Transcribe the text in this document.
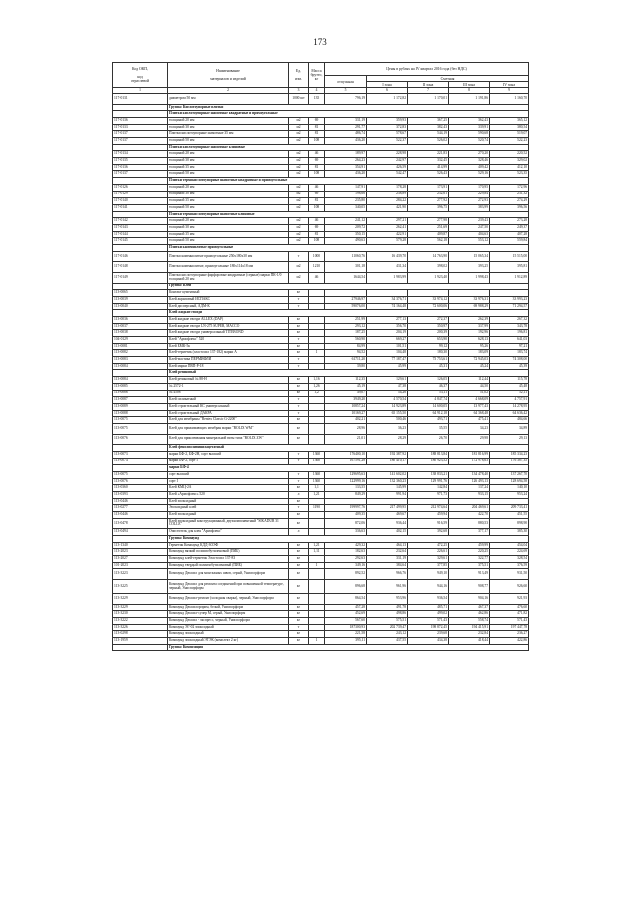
173
Код ОКП,

код
отраслевой	Наименование

материалов и изделий	Ед.

изм.	Масса
брутто,
кг	Цены в рублях на IV квартал 2016 года (без НДС)				
				отпускная	Сметная			
					I зона	II зона	III зона	IV зона
1	2	3	4	5	6	7	8	9
117-0131	диаметром 50 мм	1000 шт	135	796,19	1 172,82	1 170,01	1 191,86	1 160,70
	Группа: Кислотоупорные плитки							
	Плитки кислотоупорные шамотные квадратные и прямоугольные							
117-0136	толщиной 20 мм	м2	69	331,19	359,93	367,25	362,43	365,12
117-0133	толщиной 30 мм	м2	81	291,77	372,83	382,43	339,91	380,54
117-0137	Плитки кислотоупорные шамотные 35 мм	м2	81	486,74	578,67	544,19	590,68	519,07
117-0137	толщиной 50 мм	м2	108	436,20	522,37	526,02	520,74	522,23
	Плитки кислотоупорные шамотные клиновые							
117-0134	толщиной 20 мм	м2	46	189,97	228,98	221,83	270,20	220,52
117-0135	толщиной 30 мм	м2	69	264,23	242,97	332,45	328,46	329,02
117-0136	толщиной 35 мм	м2	81	354,91	426,59	414,99	409,42	412,10
117-0137	толщиной 50 мм	м2	108	436,20	542,47	526,43	529,16	523,35
	Плитки термокислотоупорные шамотные квадратные и прямоугольные							
117-0126	толщиной 20 мм	м2	46	147,91	178,28	173,91	170,95	172,96
117-0129	толщиной 30 мм	м2	69	198,66	238,89	232,61	229,84	231,32
117-0140	толщиной 35 мм	м2	81	235,80	284,22	277,92	272,93	274,29
117-0141	толщиной 50 мм	м2	108	340,05	421,90	396,75	383,99	396,56
	Плитки термокислотоупорные шамотные клиновые							
117-0142	толщиной 20 мм	м2	46	241,12	297,21	277,98	239,43	273,28
117-0143	толщиной 30 мм	м2	69	209,72	262,41	251,69	247,50	249,37
117-0144	толщиной 35 мм	м2	81	350,15	422,91	409,87	404,63	407,28
117-0145	толщиной 50 мм	м2	108	490,63	579,28	562,18	553,12	559,84
	Плитки каменнолитые прямоугольные							
117-0146	Плитки каменнолитые прямоугольные 250х180х30 мм	т	1000	11060,76	16 439,70	14 763,90	15 065,34	15 515,00
117-0148	Плитки каменнолитые, прямоугольные 180х114х18 мм	м2	1210	301,18	431,34	398,02	393,25	395,81
117-0149	Плитки кислотоупорные фарфоровые квадратные (серные) марки ПК-1/0 толщиной 20 мм	м2	46	1644,54	1 983,99	1 923,40	1 998,43	1 912,89
	Группа: Клей							
113-0065	Контакт цементный	кг						
113-0039	Клей акриловый ИСПАКС	т		27946,97	34 376,71	33 974,12	33 976,31	33 993,23
113-0040	Клей дисперсный, АДМ-К	т		59076,00	74 164,48	72 600,06	69 988,29	71 294,57
	Клей жидкие гвозди							
113-0036	Клей жидкие гвозди ALLEX (DAP)	кг		251,99	277,13	272,37	262,39	267,32
113-0037	Клей жидкие гвозди LN-275 SUPER, MACCO	кг		293,12	356,70	350,97	337,99	343,78
113-0038	Клей жидкие гвозди универсальный TITEBOND	кг		187,25	204,19	200,39	192,96	196,81
104-0129	Клей "Армофлекс" 520	т		560,90	669,27	653,90	628,13	641,03
113-0081	Клей БМК-5к	кг		84,99	101,51	99,12	95,26	97,21
113-0082	Клей-герметик (эластосил 137-182) марки А	кг	1	94,52	104,48	180,30	183,09	183,74
113-0083	Клей-мастика ПЕРМИФЛИ	т		61711,20	77 187,47	75 753,61	72 945,03	74 308,00
113-0084	Клей марки ПВП-Р-18	т		39,80	45,99	45,31	45,24	45,39
	Клей резиновый							
113-0084	Клей резиновый № 88-Н	кг	1,16	112,35	129,61	126,05	112,44	115,78
113-0085	№ 2572-1	кг	1,26	45,19	47,38	46,37	44,50	45,48
113-0086	№ 4508	кг	1,2	49,07	54,26	53,11	51,02	52,11
113-0087	Клей силикатный	т		3949,20	4 570,54	4 847,74	4 668,09	4 757,91
113-0089	Клей строительный КС универсальный	т		10857,24	14 923,89	14 600,05	13 977,43	14 278,95
113-0088	Клей строительный ДАКРА	т		10169,27	65 155,50	64 912,18	64 368,48	64 636,42
113-0075	Клей для мембраны "Rentex Classic G-2200"	кг		402,21	500,46	493,71	475,41	484,66
113-0075	Клей для прижимающих мембран марки "BOLIX WM"	кг		28,96	36,23	35,55	34,23	34,89
113-0076	Клей для приклеивания минеральной ваты типа "BOLIX ZW"	кг		21,01	28,29	26,70	29,98	29,13
	Клей фенолполивинилацетатный							
113-0073	марки БФ-2, БФ-2Н, сорт высший	т	1360	176400,10	192 387,92	188 813,84	181 816,99	185 334,23
113-0074	марки БФ-2, сорт I	т	1360	167591,28	180 410,17	180 923,52	172 978,63	176 387,35
	марки БФ-4							
113-0075	сорт высший	т	1360	129695,63	141 602,02	138 833,21	134 478,40	137 267,70
113-0076	сорт I	т	1360	122999,16	132 360,23	129 991,76	126 493,13	128 694,58
113-0360	Клей КМЦ-2А	кг	1,1	133,55	145,99	142,84	137,24	140,10
113-0393	Клей «Армофлекс» 520	л	1,21	849,29	991,94	971,73	933,15	953,24
113-0446	Клей эпоксидный	кг						
113-0277	Эпоксидный клей	т	1190	199997,76	217 499,95	212 974,64	204 469,61	209 733,41
113-0446	Клей эпоксидный	кг		409,35	469,67	459,94	422,70	451,55
113-0478	Клей эпоксидный конструкционный, двухкомпонентный "SIKADUR 31 COLLE"	кг		872,06	936,44	916,59	880,53	898,90
113-0494	Очиститель для клея "Армофлекс"	л		336,63	402,15	392,68	377,17	385,30
	Группа: Компаунд							
113-1340	Герметик Компаунд КДД-ЗОЭФ	кг	1,21	429,32	464,13	472,25	459,99	454,04
113-2023	Компаунд вязкий полиизобутиленовый (ПИБ)	кг	1,11	182,63	232,64	226,61	220,25	224,69
113-2027	Компаунд клей-герметик Эластосил 137-83	кг		292,63	331,19	329,61	322,77	328,54
101-2023	Компаунд твердый полиизобутиленовый (ПИБ)	кг	1	349,16	384,64	377,85	375,51	376,59
113-3223	Компаунд Дюасил для монтажных швов, серый, Униспорформ	кг		892,52	966,76	949,10	913,49	931,50
113-3225	Компаунд Дюасил для ремонта соединений при повышенной температуре, черный, Униспорформ	кг		896,68	961,96	944,16	908,77	926,60
113-3229	Компаунд Дюасил-ремонт (холодная сварка), черный, Униспорформ	кг		864,54	953,96	936,54	904,16	921,93
113-3229	Компаунд Дюасилорприм, белый, Униспорформ	кг		457,28	491,78	485,71	467,37	476,60
113-3230	Компаунд Дюасил-супер М, серый, Униспорформ	кг		452,69	498,86	499,02	462,86	471,82
113-3222	Компаунд Дюасил - экспресс, черный, Униспорформ	кг		567,60	575,51	571,43	558,74	571,43
113-3226	Компаунд ЭГ-02 эпоксидный	т		187300,93	202 739,47	198 872,45	194 415,91	197 447,78
113-0298	Компаунд эпоксидный	кг		221,58	243,12	239,68	232,84	236,27
113-1959	Компаунд эпоксидный ЭТЭК (комплект 2 кг)	кг	1	395,11	437,55	434,38	418,44	422,86
	Группа: Композиция							
